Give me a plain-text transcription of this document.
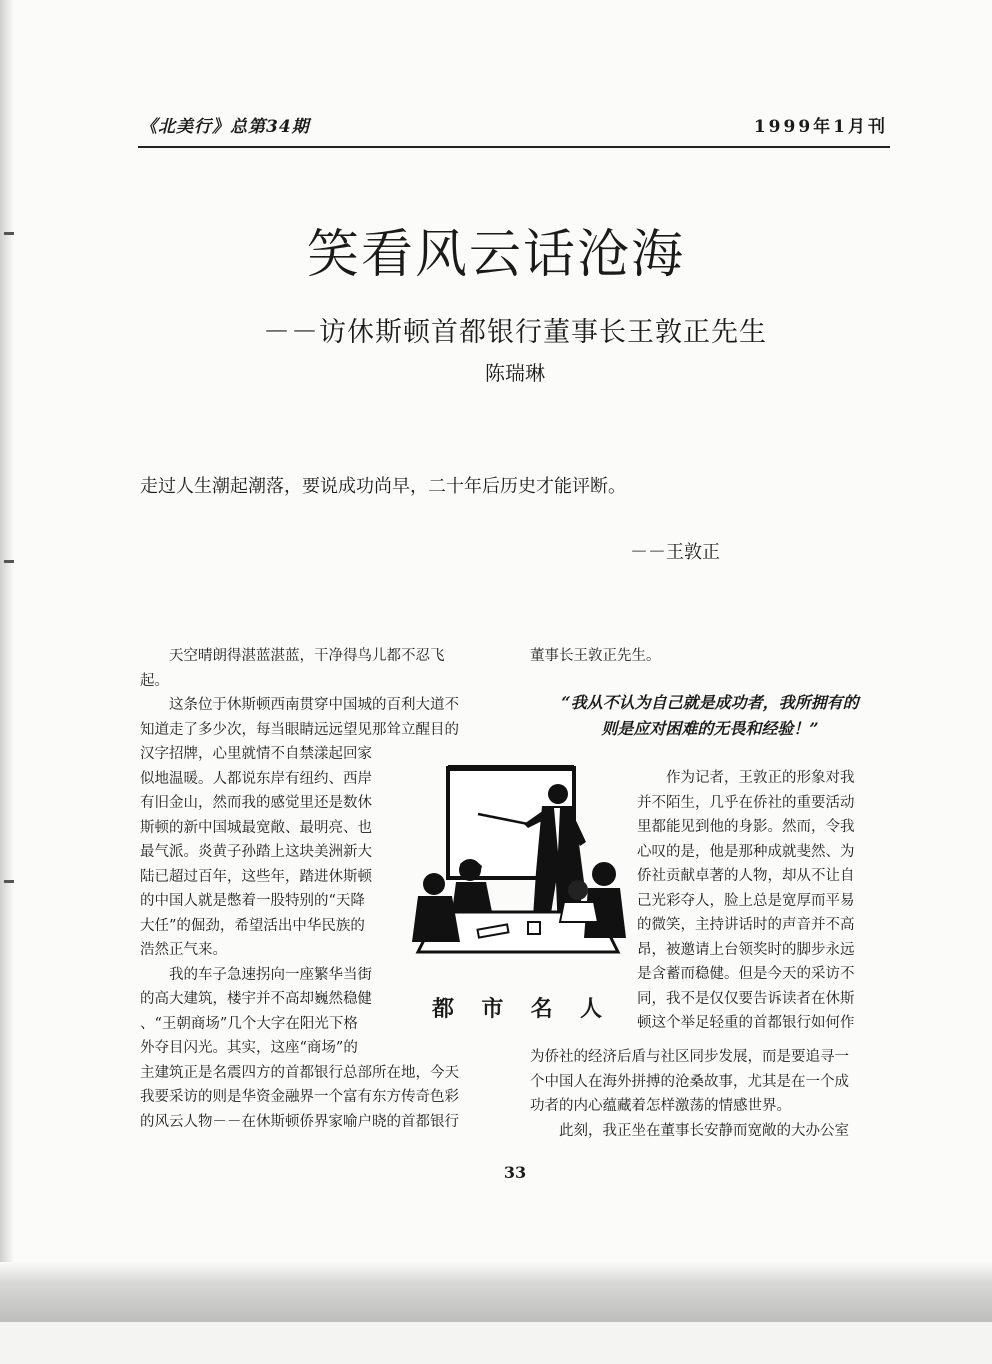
《北美行》总第34期	1999年1月刊
笑看风云话沧海
－－访休斯顿首都银行董事长王敦正先生
陈瑞琳
走过人生潮起潮落，要说成功尚早，二十年后历史才能评断。
－－王敦正
天空晴朗得湛蓝湛蓝，干净得鸟儿都不忍飞
起。
这条位于休斯顿西南贯穿中国城的百利大道不
知道走了多少次，每当眼睛远远望见那耸立醒目的
汉字招牌，心里就情不自禁漾起回家
似地温暖。人都说东岸有纽约、西岸
有旧金山，然而我的感觉里还是数休
斯顿的新中国城最宽敞、最明亮、也
最气派。炎黄子孙踏上这块美洲新大
陆已超过百年，这些年，踏进休斯顿
的中国人就是憋着一股特别的“天降
大任”的倔劲，希望活出中华民族的
浩然正气来。
我的车子急速拐向一座繁华当街
的高大建筑，楼宇并不高却巍然稳健
、“王朝商场”几个大字在阳光下格
外夺目闪光。其实，这座“商场”的
主建筑正是名震四方的首都银行总部所在地，今天
我要采访的则是华资金融界一个富有东方传奇色彩
的风云人物－－在休斯顿侨界家喻户晓的首都银行
董事长王敦正先生。
“我从不认为自己就是成功者，我所拥有的
则是应对困难的无畏和经验！”
作为记者，王敦正的形象对我
并不陌生，几乎在侨社的重要活动
里都能见到他的身影。然而，令我
心叹的是，他是那种成就斐然、为
侨社贡献卓著的人物，却从不让自
己光彩夺人，脸上总是宽厚而平易
的微笑，主持讲话时的声音并不高
昂，被邀请上台领奖时的脚步永远
是含蓄而稳健。但是今天的采访不
同，我不是仅仅要告诉读者在休斯
顿这个举足轻重的首都银行如何作
为侨社的经济后盾与社区同步发展，而是要追寻一
个中国人在海外拼搏的沧桑故事，尤其是在一个成
功者的内心蕴藏着怎样激荡的情感世界。
此刻，我正坐在董事长安静而宽敞的大办公室
都市名人
33
